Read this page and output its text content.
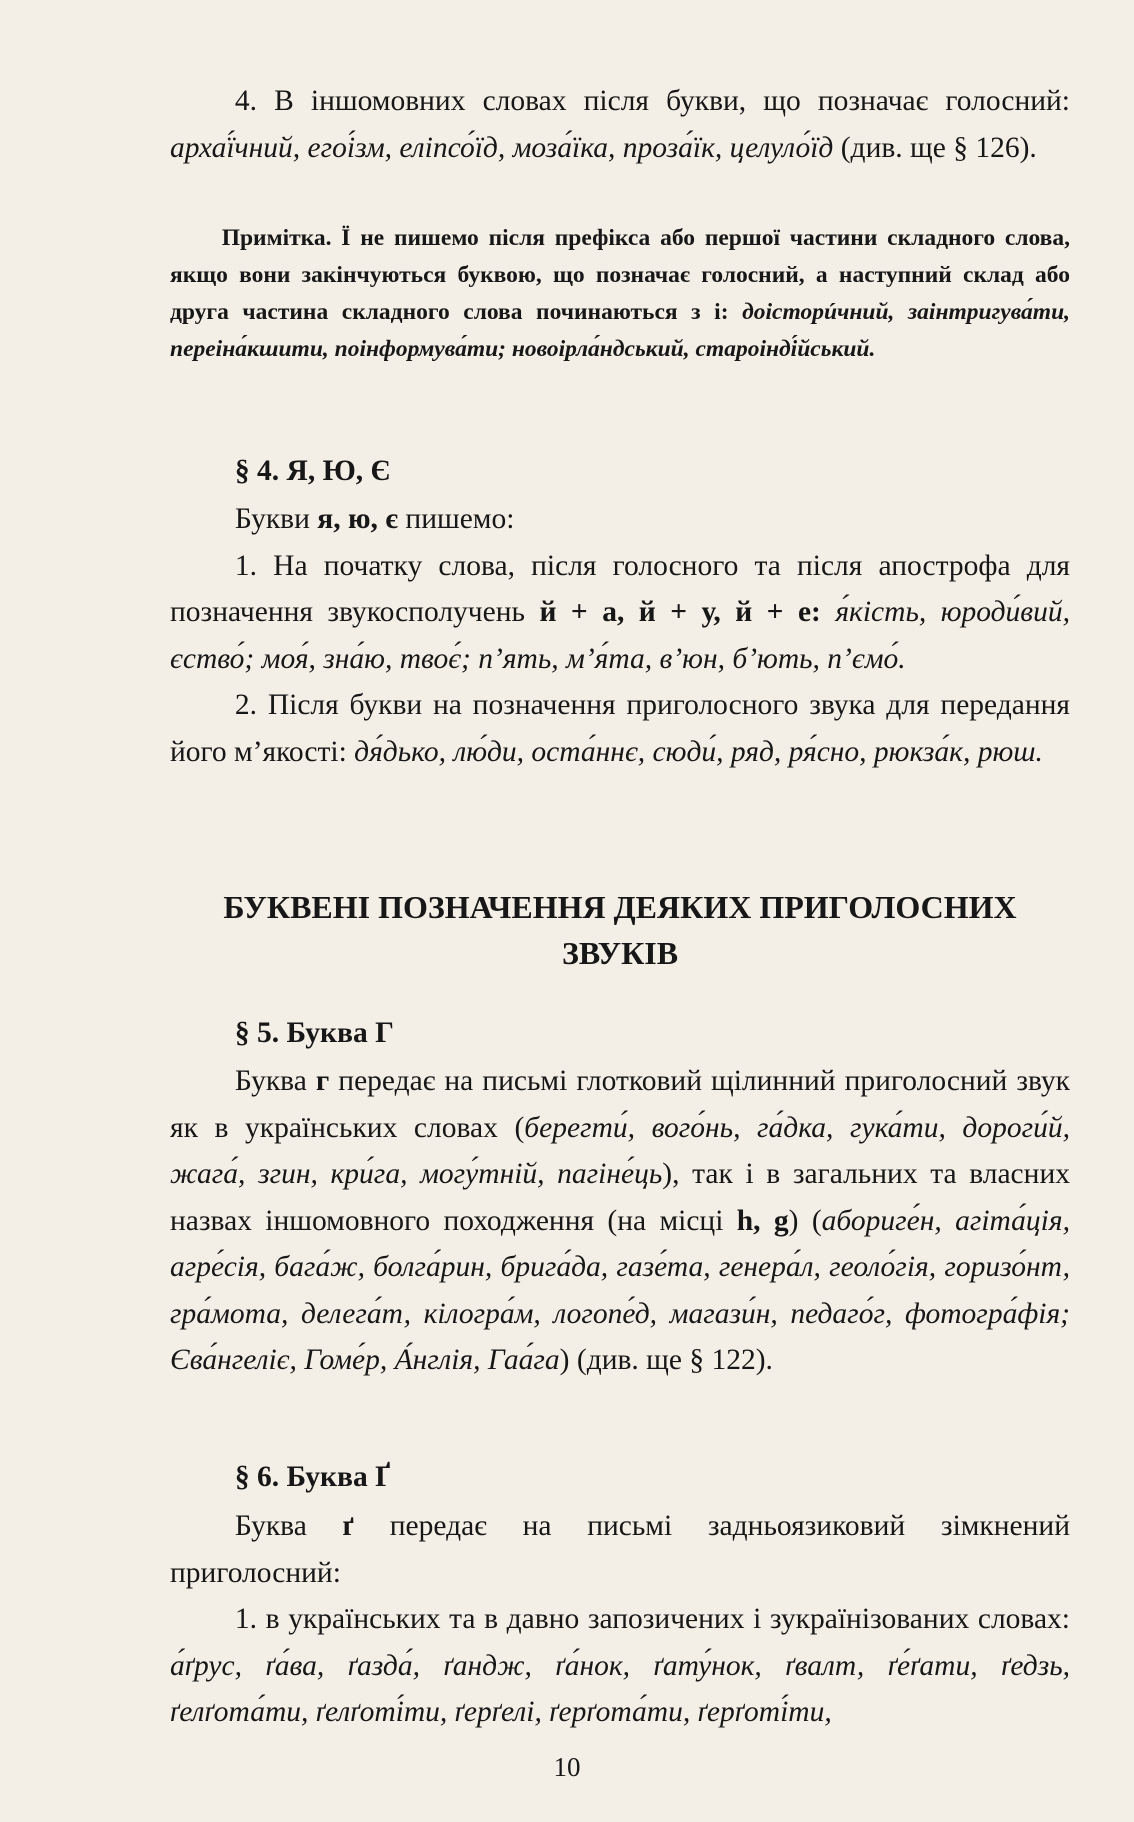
4. В іншомовних словах після букви, що позначає голосний: архаї́чний, егоі́зм, еліпсо́їд, моза́їка, проза́їк, целуло́їд (див. ще § 126).

Примітка. Ї не пишемо після префікса або першої частини складного слова, якщо вони закінчуються буквою, що позначає голосний, а наступний склад або друга частина складного слова починаються з і: доісторúчний, заінтригува́ти, переіна́кшити, поінформува́ти; новоірла́ндський, староінді́йський.

§ 4. Я, Ю, Є

Букви я, ю, є пишемо:

1. На початку слова, після голосного та після апострофа для позначення звукосполучень й + а, й + у, й + е: я́кість, юроди́вий, єство́; моя́, зна́ю, твоє́; п’ять, м’я́та, в’юн, б’ють, п’ємо́.

2. Після букви на позначення приголосного звука для передання його м’якості: дя́дько, лю́ди, оста́ннє, сюди́, ряд, ря́сно, рюкза́к, рюш.

БУКВЕНІ ПОЗНАЧЕННЯ ДЕЯКИХ ПРИГОЛОСНИХ
ЗВУКІВ

§ 5. Буква Г

Буква г передає на письмі глотковий щілинний приголосний звук як в українських словах (берегти́, вого́нь, га́дка, гука́ти, дороги́й, жага́, згин, кри́га, могу́тній, пагіне́ць), так і в загальних та власних назвах іншомовного походження (на місці h, g) (абориге́н, агіта́ція, агре́сія, бага́ж, болга́рин, брига́да, газе́та, генера́л, геоло́гія, горизо́нт, гра́мота, делега́т, кілогра́м, логопе́д, магази́н, педаго́г, фотогра́фія; Єва́нгеліє, Гоме́р, А́нглія, Гаа́га) (див. ще § 122).

§ 6. Буква Ґ

Буква ґ передає на письмі задньоязиковий зімкнений приголосний:

1. в українських та в давно запозичених і зукраїнізованих словах: а́ґрус, ґа́ва, ґазда́, ґандж, ґа́нок, ґату́нок, ґвалт, ґе́ґати, ґедзь, ґелґота́ти, ґелґоті́ти, ґерґелі, ґерґота́ти, ґерґоті́ти,

10
